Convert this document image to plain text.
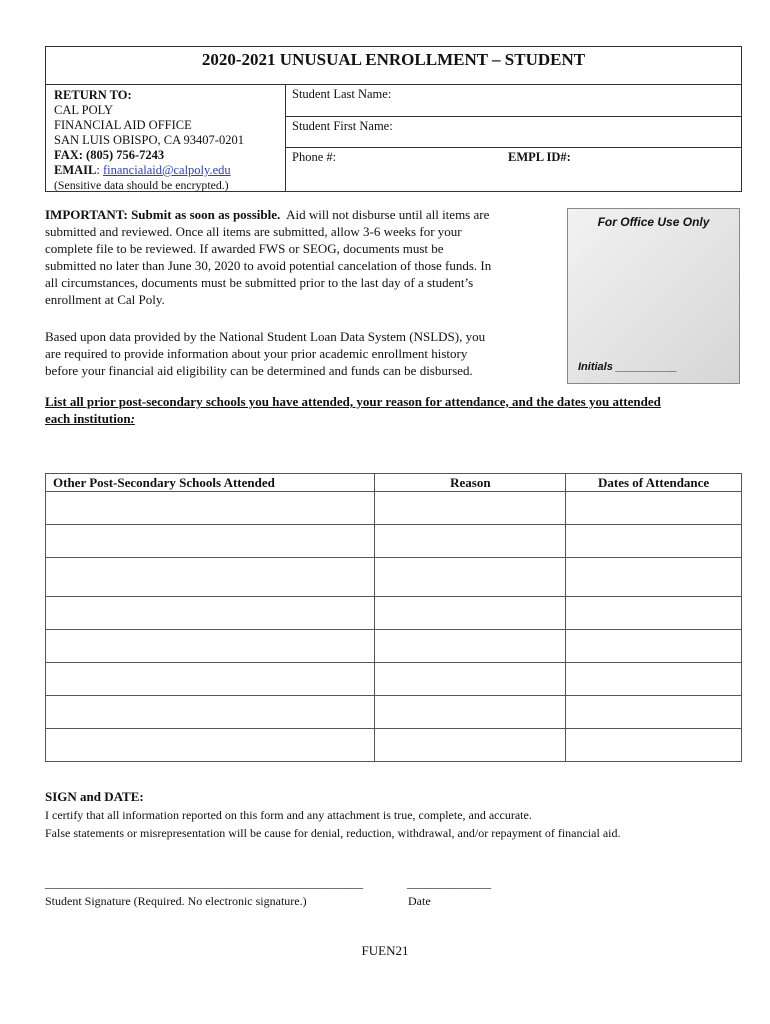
2020-2021 UNUSUAL ENROLLMENT – STUDENT
RETURN TO:
CAL POLY
FINANCIAL AID OFFICE
SAN LUIS OBISPO, CA 93407-0201
FAX: (805) 756-7243
EMAIL: financialaid@calpoly.edu
(Sensitive data should be encrypted.)
Student Last Name:
Student First Name:
Phone #:	EMPL ID#:
IMPORTANT: Submit as soon as possible. Aid will not disburse until all items are
submitted and reviewed. Once all items are submitted, allow 3-6 weeks for your
complete file to be reviewed. If awarded FWS or SEOG, documents must be
submitted no later than June 30, 2020 to avoid potential cancelation of those funds. In
all circumstances, documents must be submitted prior to the last day of a student’s
enrollment at Cal Poly.
Based upon data provided by the National Student Loan Data System (NSLDS), you
are required to provide information about your prior academic enrollment history
before your financial aid eligibility can be determined and funds can be disbursed.
For Office Use Only
Initials __________
List all prior post-secondary schools you have attended, your reason for attendance, and the dates you attended
each institution:
Other Post-Secondary Schools Attended	Reason	Dates of Attendance

SIGN and DATE:
I certify that all information reported on this form and any attachment is true, complete, and accurate.
False statements or misrepresentation will be cause for denial, reduction, withdrawal, and/or repayment of financial aid.
_____________________________________________________	______________
Student Signature (Required. No electronic signature.)	Date
FUEN21
